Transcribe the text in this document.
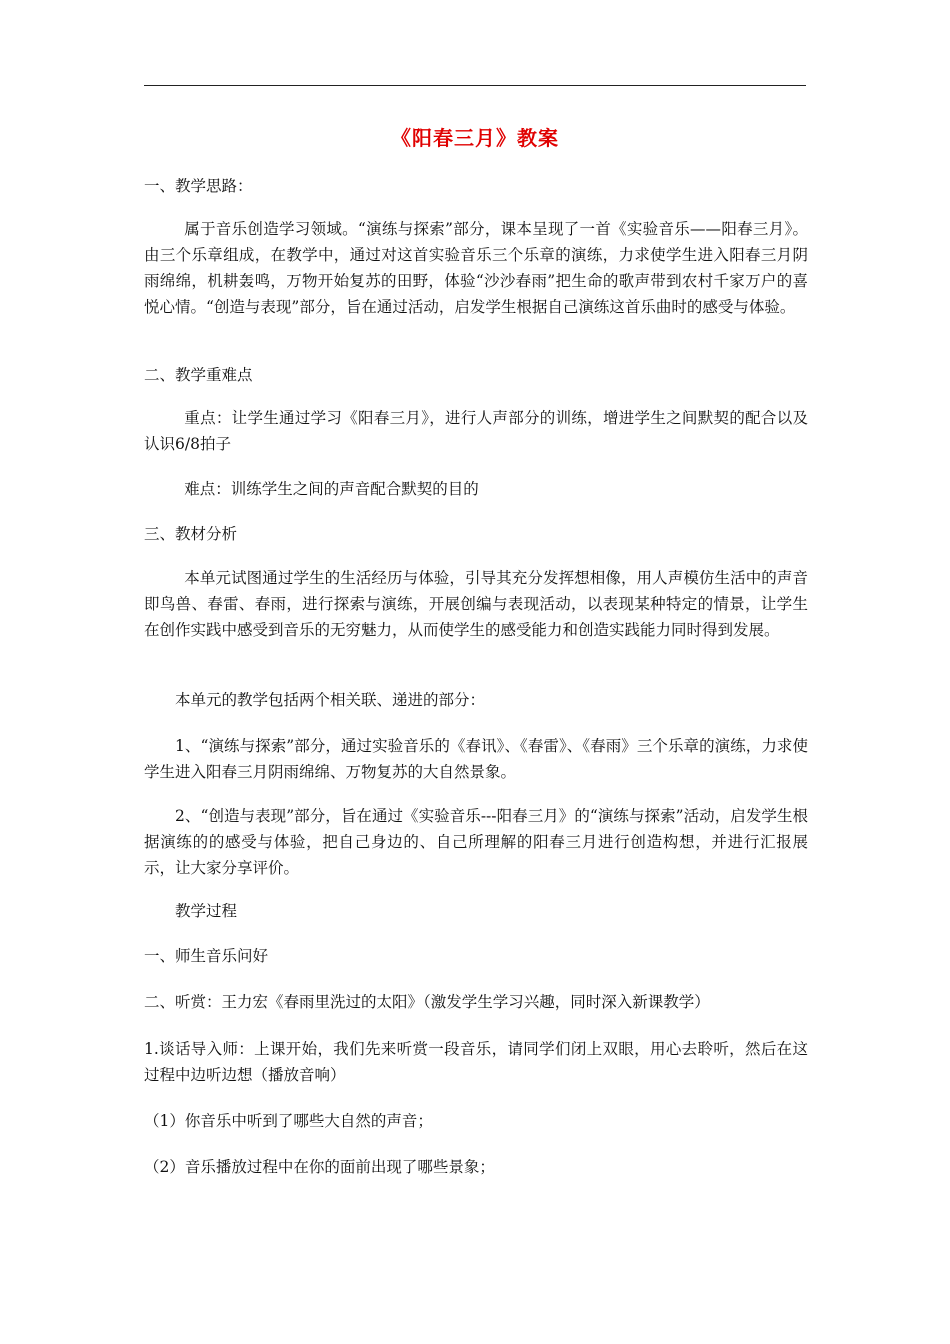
《阳春三月》教案

一、教学思路：

属于音乐创造学习领域。“演练与探索”部分，课本呈现了一首《实验音乐——阳春三月》。由三个乐章组成，在教学中，通过对这首实验音乐三个乐章的演练，力求使学生进入阳春三月阴雨绵绵，机耕轰鸣，万物开始复苏的田野，体验“沙沙春雨”把生命的歌声带到农村千家万户的喜悦心情。“创造与表现”部分，旨在通过活动，启发学生根据自己演练这首乐曲时的感受与体验。

二、教学重难点

重点：让学生通过学习《阳春三月》，进行人声部分的训练，增进学生之间默契的配合以及认识6/8拍子

难点：训练学生之间的声音配合默契的目的

三、教材分析

本单元试图通过学生的生活经历与体验，引导其充分发挥想相像，用人声模仿生活中的声音即鸟兽、春雷、春雨，进行探索与演练，开展创编与表现活动，以表现某种特定的情景，让学生在创作实践中感受到音乐的无穷魅力，从而使学生的感受能力和创造实践能力同时得到发展。

本单元的教学包括两个相关联、递进的部分：

1、“演练与探索”部分，通过实验音乐的《春讯》、《春雷》、《春雨》三个乐章的演练，力求使学生进入阳春三月阴雨绵绵、万物复苏的大自然景象。

2、“创造与表现”部分，旨在通过《实验音乐---阳春三月》的“演练与探索”活动，启发学生根据演练的的感受与体验，把自己身边的、自己所理解的阳春三月进行创造构想，并进行汇报展示，让大家分享评价。

教学过程

一、师生音乐问好

二、听赏：王力宏《春雨里洗过的太阳》（激发学生学习兴趣，同时深入新课教学）

1.谈话导入师：上课开始，我们先来听赏一段音乐，请同学们闭上双眼，用心去聆听，然后在这过程中边听边想（播放音响）

（1）你音乐中听到了哪些大自然的声音；

（2）音乐播放过程中在你的面前出现了哪些景象；
